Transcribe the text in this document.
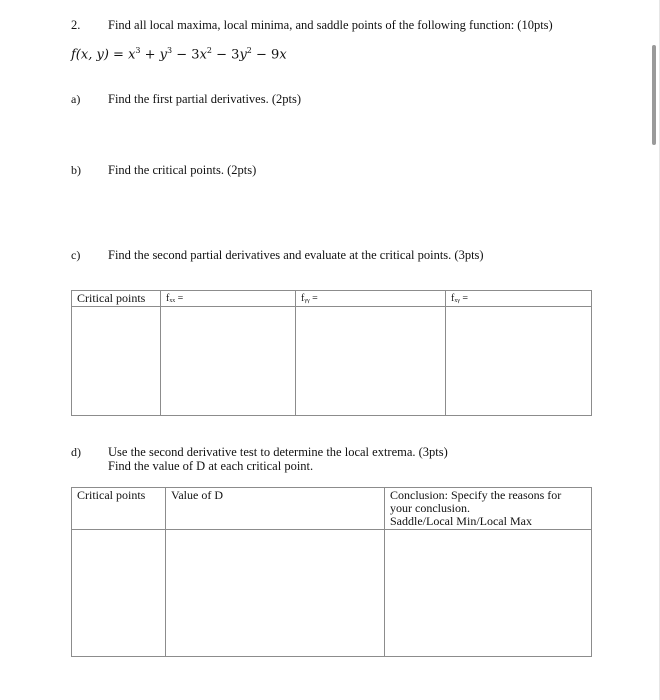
2. Find all local maxima, local minima, and saddle points of the following function: (10pts)
f(x, $y) = x^3 + y^3 - 3x^2 - 3y^2 - 9x$
a) Find the first partial derivatives. (2pts)
b) Find the critical points. (2pts)
c) Find the second partial derivatives and evaluate at the critical points. (3pts)
Critical points	fₓₓ =	fᵧᵧ =	fₓᵧ =

d) Use the second derivative test to determine the local extrema. (3pts)
Find the value of D at each critical point.
Critical points	Value of D	Conclusion: Specify the reasons for
your conclusion.
Saddle/Local Min/Local Max
